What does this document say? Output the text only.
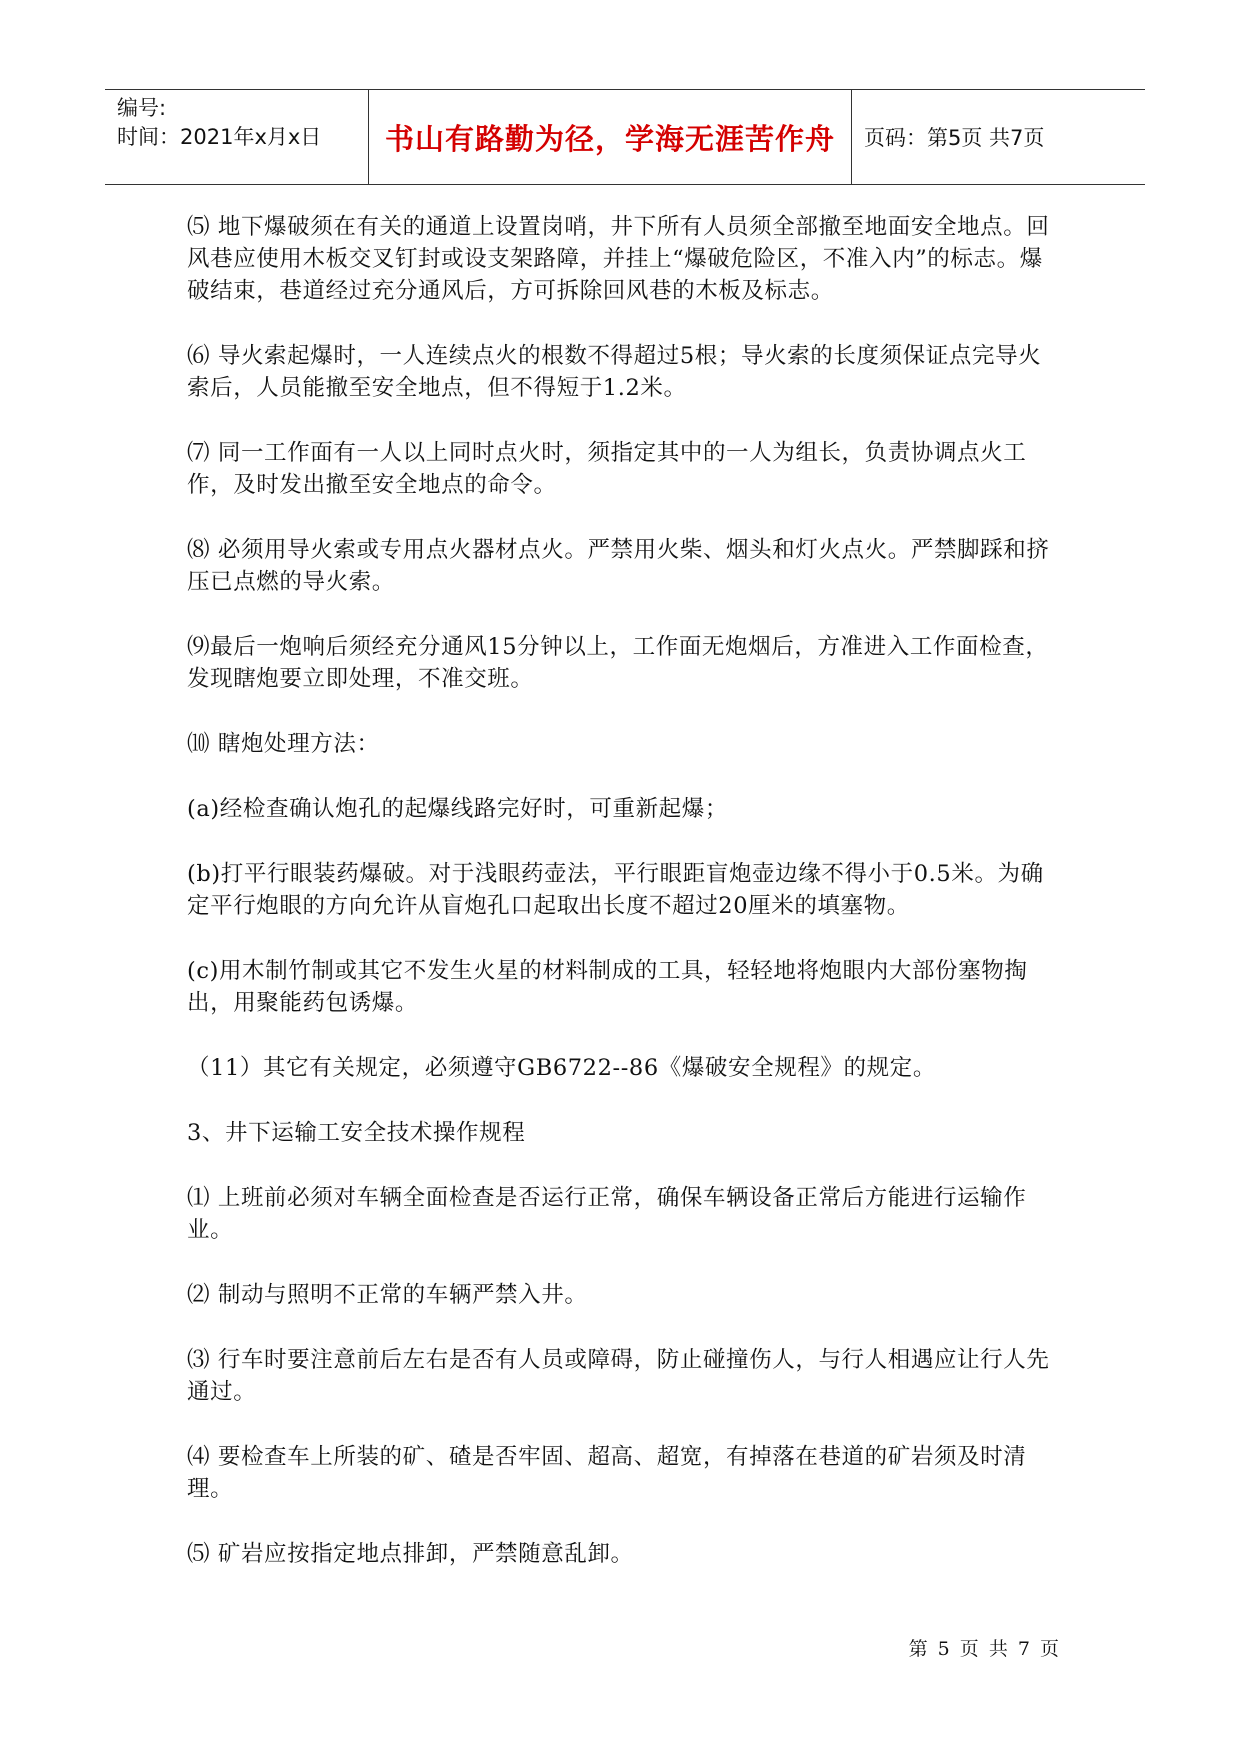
编号:
时间：2021年x月x日	书山有路勤为径，学海无涯苦作舟 页码：第5页 共7页

⑸ 地下爆破须在有关的通道上设置岗哨，井下所有人员须全部撤至地面安全地点。回风巷应使用木板交叉钉封或设支架路障，并挂上“爆破危险区，不准入内”的标志。爆破结束，巷道经过充分通风后，方可拆除回风巷的木板及标志。

⑹ 导火索起爆时，一人连续点火的根数不得超过5根；导火索的长度须保证点完导火索后，人员能撤至安全地点，但不得短于1.2米。

⑺ 同一工作面有一人以上同时点火时，须指定其中的一人为组长，负责协调点火工作，及时发出撤至安全地点的命令。

⑻ 必须用导火索或专用点火器材点火。严禁用火柴、烟头和灯火点火。严禁脚踩和挤压已点燃的导火索。

⑼最后一炮响后须经充分通风15分钟以上，工作面无炮烟后，方准进入工作面检查，发现瞎炮要立即处理，不准交班。

⑽ 瞎炮处理方法：

(a)经检查确认炮孔的起爆线路完好时，可重新起爆；

(b)打平行眼装药爆破。对于浅眼药壶法，平行眼距盲炮壶边缘不得小于0.5米。为确定平行炮眼的方向允许从盲炮孔口起取出长度不超过20厘米的填塞物。

(c)用木制竹制或其它不发生火星的材料制成的工具，轻轻地将炮眼内大部份塞物掏出，用聚能药包诱爆。

（11）其它有关规定，必须遵守GB6722--86《爆破安全规程》的规定。

3、井下运输工安全技术操作规程

⑴ 上班前必须对车辆全面检查是否运行正常，确保车辆设备正常后方能进行运输作业。

⑵ 制动与照明不正常的车辆严禁入井。

⑶ 行车时要注意前后左右是否有人员或障碍，防止碰撞伤人，与行人相遇应让行人先通过。

⑷ 要检查车上所装的矿、碴是否牢固、超高、超宽，有掉落在巷道的矿岩须及时清理。

⑸ 矿岩应按指定地点排卸，严禁随意乱卸。

第 5 页 共 7 页
